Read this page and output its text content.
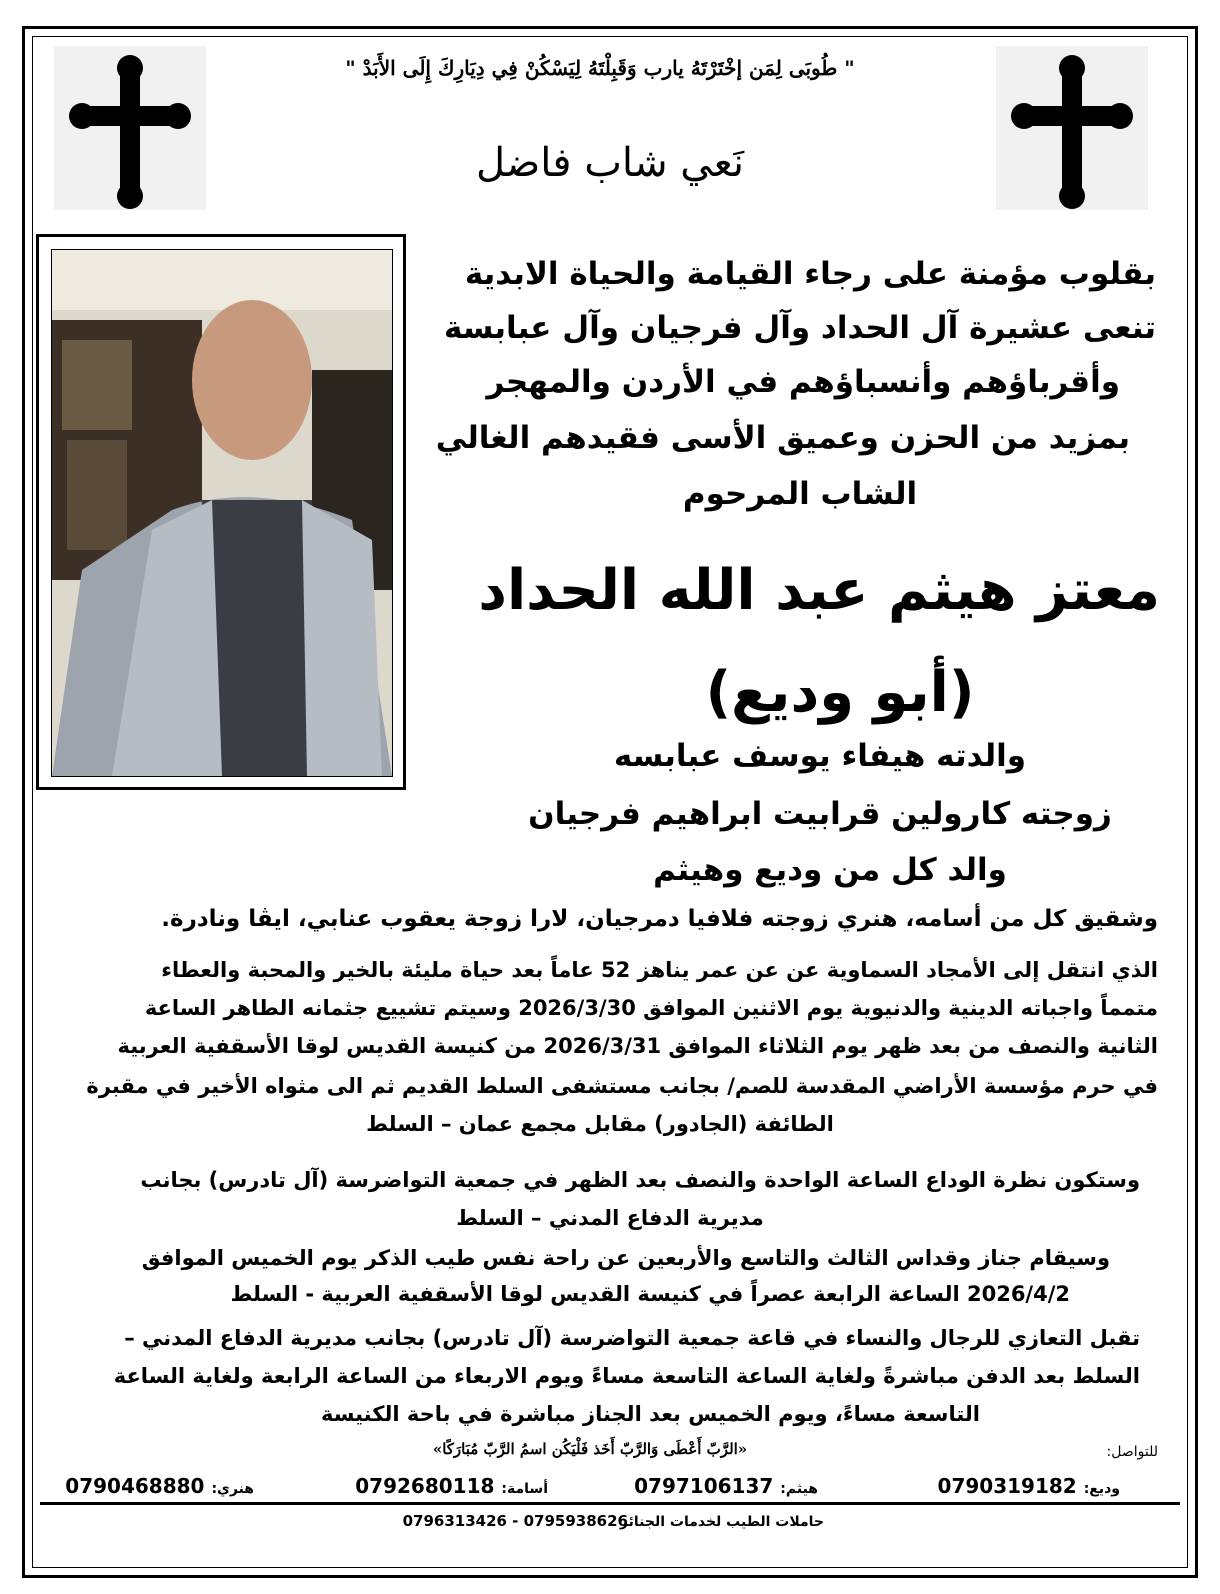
" طُوبَى لِمَن إخْتَرْتَهُ يارب وَقَبِلْتَهُ لِيَسْكُنْ فِي دِيَارِكَ إِلَى الأَبَدْ "
نَعي شاب فاضل
بقلوب مؤمنة على رجاء القيامة والحياة الابدية
تنعى عشيرة آل الحداد وآل فرجيان وآل عبابسة
وأقرباؤهم وأنسباؤهم في الأردن والمهجر
بمزيد من الحزن وعميق الأسى فقيدهم الغالي
الشاب المرحوم
معتز هيثم عبد الله الحداد
(أبو وديع)
والدته هيفاء يوسف عبابسه
زوجته كارولين قرابيت ابراهيم فرجيان
والد كل من وديع وهيثم
وشقيق كل من أسامه، هنري زوجته فلافيا دمرجيان، لارا زوجة يعقوب عنابي، ايڤا ونادرة.
الذي انتقل إلى الأمجاد السماوية عن عن عمر يناهز 52 عاماً بعد حياة مليئة بالخير والمحبة والعطاء
متمماً واجباته الدينية والدنيوية يوم الاثنين الموافق 2026/3/30 وسيتم تشييع جثمانه الطاهر الساعة
الثانية والنصف من بعد ظهر يوم الثلاثاء الموافق 2026/3/31 من كنيسة القديس لوقا الأسقفية العربية
في حرم مؤسسة الأراضي المقدسة للصم/ بجانب مستشفى السلط القديم ثم الى مثواه الأخير في مقبرة
الطائفة (الجادور) مقابل مجمع عمان – السلط
وستكون نظرة الوداع الساعة الواحدة والنصف بعد الظهر في جمعية التواضرسة (آل تادرس) بجانب
مديرية الدفاع المدني – السلط
وسيقام جناز وقداس الثالث والتاسع والأربعين عن راحة نفس طيب الذكر يوم الخميس الموافق
2026/4/2 الساعة الرابعة عصراً في كنيسة القديس لوقا الأسقفية العربية - السلط
تقبل التعازي للرجال والنساء في قاعة جمعية التواضرسة (آل تادرس) بجانب مديرية الدفاع المدني –
السلط بعد الدفن مباشرةً ولغاية الساعة التاسعة مساءً ويوم الاربعاء من الساعة الرابعة ولغاية الساعة
التاسعة مساءً، ويوم الخميس بعد الجناز مباشرة في باحة الكنيسة
«الرَّبّ أَعْطَى وَالرَّبّ أَخَذ فَلْيَكُن اسمُ الرَّبّ مُبَارَكًا»	للتواصل:
وديع: 0790319182
هيثم: 0797106137
أسامة: 0792680118
هنري: 0790468880
حاملات الطيب لخدمات الجنائز
0796313426 - 0795938626
